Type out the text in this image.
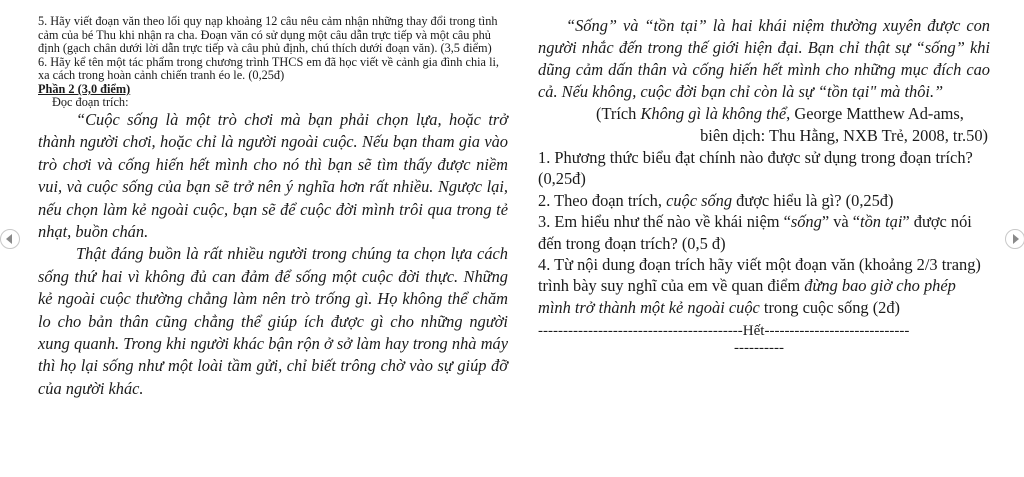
5. Hãy viết đoạn văn theo lối quy nạp khoảng 12 câu nêu cảm nhận những thay đổi trong tình cảm của bé Thu khi nhận ra cha. Đoạn văn có sử dụng một câu dẫn trực tiếp và một câu phủ định (gạch chân dưới lời dẫn trực tiếp và câu phủ định, chú thích dưới đoạn văn). (3,5 điểm)

6. Hãy kể tên một tác phẩm trong chương trình THCS em đã học viết về cảnh gia đình chia li, xa cách trong hoàn cảnh chiến tranh éo le. (0,25đ)

Phần 2 (3,0 điểm)

Đọc đoạn trích:

“Cuộc sống là một trò chơi mà bạn phải chọn lựa, hoặc trở thành người chơi, hoặc chỉ là người ngoài cuộc. Nếu bạn tham gia vào trò chơi và cống hiến hết mình cho nó thì bạn sẽ tìm thấy được niềm vui, và cuộc sống của bạn sẽ trở nên ý nghĩa hơn rất nhiều. Ngược lại, nếu chọn làm kẻ ngoài cuộc, bạn sẽ để cuộc đời mình trôi qua trong tẻ nhạt, buồn chán.

Thật đáng buồn là rất nhiều người trong chúng ta chọn lựa cách sống thứ hai vì không đủ can đảm để sống một cuộc đời thực. Những kẻ ngoài cuộc thường chẳng làm nên trò trống gì. Họ không thể chăm lo cho bản thân cũng chẳng thể giúp ích được gì cho những người xung quanh. Trong khi người khác bận rộn ở sở làm hay trong nhà máy thì họ lại sống như một loài tầm gửi, chỉ biết trông chờ vào sự giúp đỡ của người khác.

“Sống” và “tồn tại” là hai khái niệm thường xuyên được con người nhắc đến trong thế giới hiện đại. Bạn chỉ thật sự “sống” khi dũng cảm dấn thân và cống hiến hết mình cho những mục đích cao cả. Nếu không, cuộc đời bạn chỉ còn là sự “tồn tại" mà thôi.”

(Trích Không gì là không thể, George Matthew Ad-ams,

biên dịch: Thu Hằng, NXB Trẻ, 2008, tr.50)

1. Phương thức biểu đạt chính nào được sử dụng trong đoạn trích? (0,25đ)

2. Theo đoạn trích, cuộc sống được hiểu là gì? (0,25đ)

3. Em hiểu như thế nào về khái niệm “sống” và “tồn tại” được nói đến trong đoạn trích? (0,5 đ)

4. Từ nội dung đoạn trích hãy viết một đoạn văn (khoảng 2/3 trang) trình bày suy nghĩ của em về quan điểm đừng bao giờ cho phép mình trở thành một kẻ ngoài cuộc trong cuộc sống (2đ)

-----------------------------------------Hết-----------------------------

----------
